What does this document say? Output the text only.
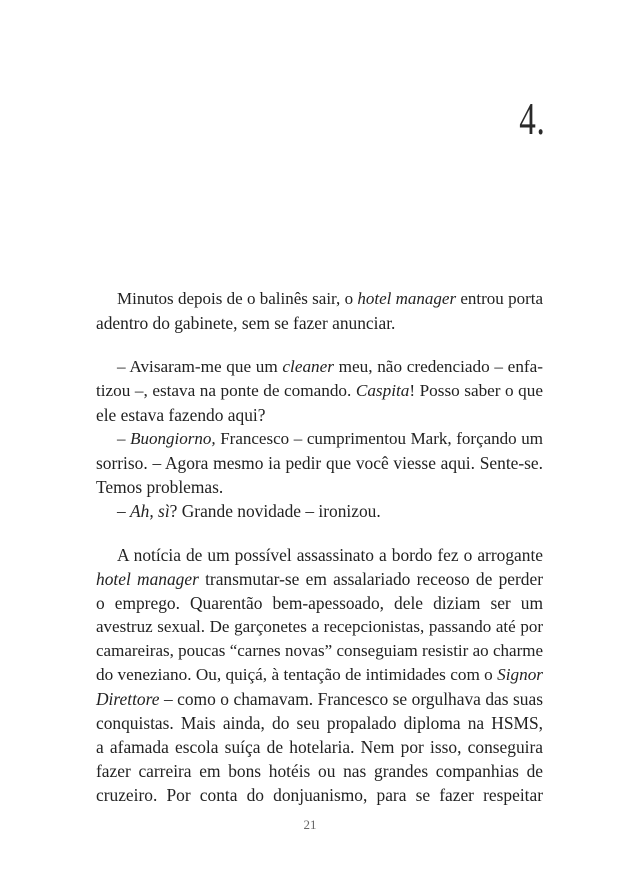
4.
Minutos depois de o balinês sair, o hotel manager entrou porta
adentro do gabinete, sem se fazer anunciar.
– Avisaram-me que um cleaner meu, não credenciado – enfa-
tizou –, estava na ponte de comando. Caspita! Posso saber o que
ele estava fazendo aqui?
– Buongiorno, Francesco – cumprimentou Mark, forçando um
sorriso. – Agora mesmo ia pedir que você viesse aqui. Sente-se.
Temos problemas.
– Ah, sì? Grande novidade – ironizou.
A notícia de um possível assassinato a bordo fez o arrogante
hotel manager transmutar-se em assalariado receoso de perder
o emprego. Quarentão bem-apessoado, dele diziam ser um
avestruz sexual. De garçonetes a recepcionistas, passando até por
camareiras, poucas “carnes novas” conseguiam resistir ao charme
do veneziano. Ou, quiçá, à tentação de intimidades com o Signor
Direttore – como o chamavam. Francesco se orgulhava das suas
conquistas. Mais ainda, do seu propalado diploma na HSMS,
a afamada escola suíça de hotelaria. Nem por isso, conseguira
fazer carreira em bons hotéis ou nas grandes companhias de
cruzeiro. Por conta do donjuanismo, para se fazer respeitar
21
